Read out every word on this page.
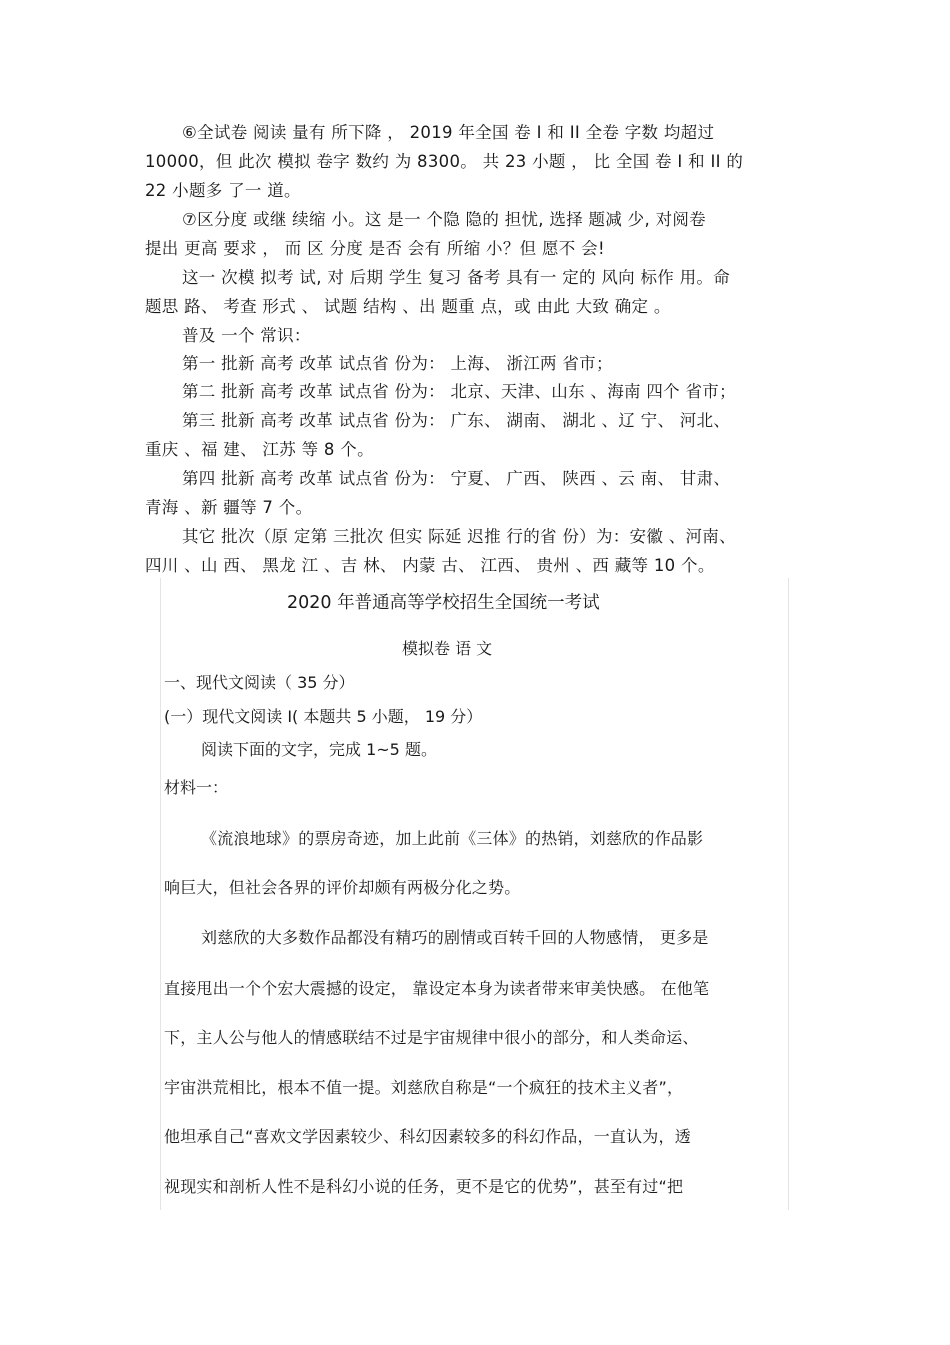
⑥全试卷 阅读 量有 所下降 ， 2019 年全国 卷 I 和 II 全卷 字数 均超过
10000，但 此次 模拟 卷字 数约 为 8300。 共 23 小题 ， 比 全国 卷 I 和 II 的
22 小题多 了一 道。
⑦区分度 或继 续缩 小。这 是一 个隐 隐的 担忧, 选择 题减 少, 对阅卷
提出 更高 要求 ， 而 区 分度 是否 会有 所缩 小？但 愿不 会!
这一 次模 拟考 试, 对 后期 学生 复习 备考 具有一 定的 风向 标作 用。命
题思 路、 考查 形式 、 试题 结构 、出 题重 点，或 由此 大致 确定 。
普及 一个 常识：
第一 批新 高考 改革 试点省 份为： 上海、 浙江两 省市；
第二 批新 高考 改革 试点省 份为： 北京、天津、山东 、海南 四个 省市；
第三 批新 高考 改革 试点省 份为： 广东、 湖南、 湖北 、辽 宁、 河北、
重庆 、福 建、 江苏 等 8 个。
第四 批新 高考 改革 试点省 份为： 宁夏、 广西、 陕西 、云 南、 甘肃、
青海 、新 疆等 7 个。
其它 批次（原 定第 三批次 但实 际延 迟推 行的省 份）为：安徽 、河南、
四川 、山 西、 黑龙 江 、吉 林、 内蒙 古、 江西、 贵州 、西 藏等 10 个。
2020 年普通高等学校招生全国统一考试
模拟卷 语 文
一、现代文阅读（ 35 分）
(一）现代文阅读 I( 本题共 5 小题， 19 分）
阅读下面的文字，完成 1~5 题。
材料一：
《流浪地球》的票房奇迹，加上此前《三体》的热销，刘慈欣的作品影
响巨大，但社会各界的评价却颇有两极分化之势。
刘慈欣的大多数作品都没有精巧的剧情或百转千回的人物感情， 更多是
直接甩出一个个宏大震撼的设定， 靠设定本身为读者带来审美快感。 在他笔
下，主人公与他人的情感联结不过是宇宙规律中很小的部分，和人类命运、
宇宙洪荒相比，根本不值一提。刘慈欣自称是“一个疯狂的技术主义者”，
他坦承自己“喜欢文学因素较少、科幻因素较多的科幻作品，一直认为，透
视现实和剖析人性不是科幻小说的任务，更不是它的优势”，甚至有过“把
